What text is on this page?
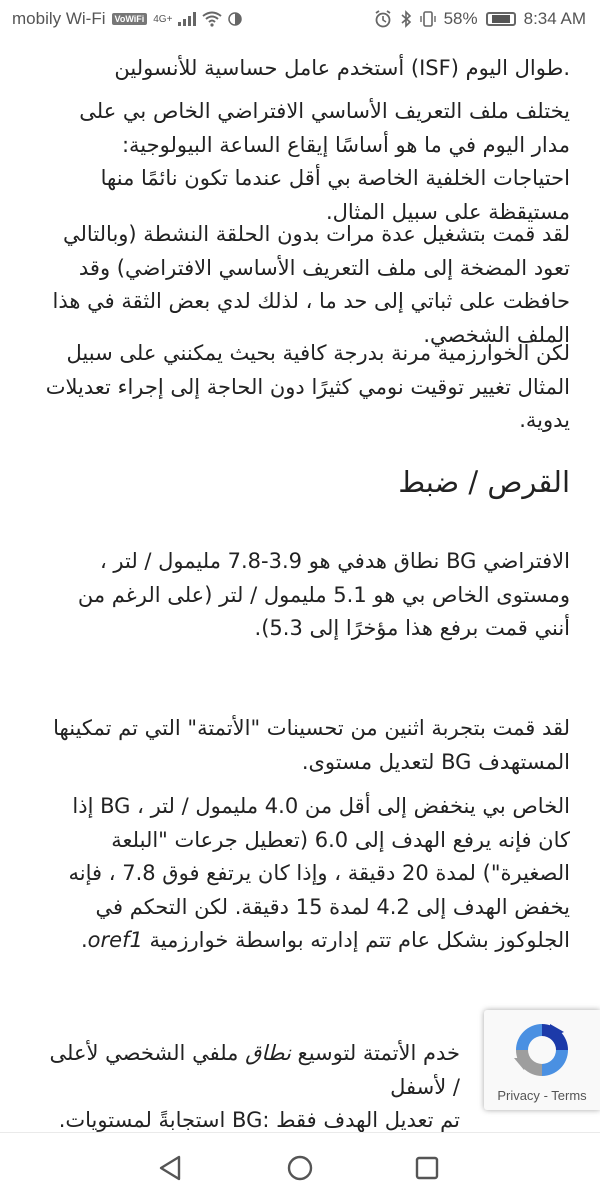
mobily Wi-Fi	VoWiFi 4G+	58%	8:34 AM

.طوال اليوم (ISF) أستخدم عامل حساسية للأنسولين

يختلف ملف التعريف الأساسي الافتراضي الخاص بي على مدار اليوم في ما هو أساسًا إيقاع الساعة البيولوجية: احتياجات الخلفية الخاصة بي أقل عندما تكون نائمًا منها مستيقظة على سبيل المثال.

لقد قمت بتشغيل عدة مرات بدون الحلقة النشطة (وبالتالي تعود المضخة إلى ملف التعريف الأساسي الافتراضي) وقد حافظت على ثباتي إلى حد ما ، لذلك لدي بعض الثقة في هذا الملف الشخصي.

لكن الخوارزمية مرنة بدرجة كافية بحيث يمكنني على سبيل المثال تغيير توقيت نومي كثيرًا دون الحاجة إلى إجراء تعديلات يدوية.

القرص / ضبط

الافتراضي BG نطاق هدفي هو 3.9-7.8 مليمول / لتر ، ومستوى الخاص بي هو 5.1 مليمول / لتر (على الرغم من أنني قمت برفع هذا مؤخرًا إلى 5.3).

لقد قمت بتجربة اثنين من تحسينات "الأتمتة" التي تم تمكينها المستهدف BG لتعديل مستوى.

الخاص بي ينخفض إلى أقل من 4.0 مليمول / لتر ، BG إذا كان فإنه يرفع الهدف إلى 6.0 (تعطيل جرعات "البلعة الصغيرة") لمدة 20 دقيقة ، وإذا كان يرتفع فوق 7.8 ، فإنه يخفض الهدف إلى 4.2 لمدة 15 دقيقة. لكن التحكم في الجلوكوز بشكل عام تتم إدارته بواسطة خوارزمية oref1.

خدم الأتمتة لتوسيع نطاق ملفي الشخصي لأعلى / لأسفل
تم تعديل الهدف فقط :BG استجابةً لمستويات.

Privacy - Terms
